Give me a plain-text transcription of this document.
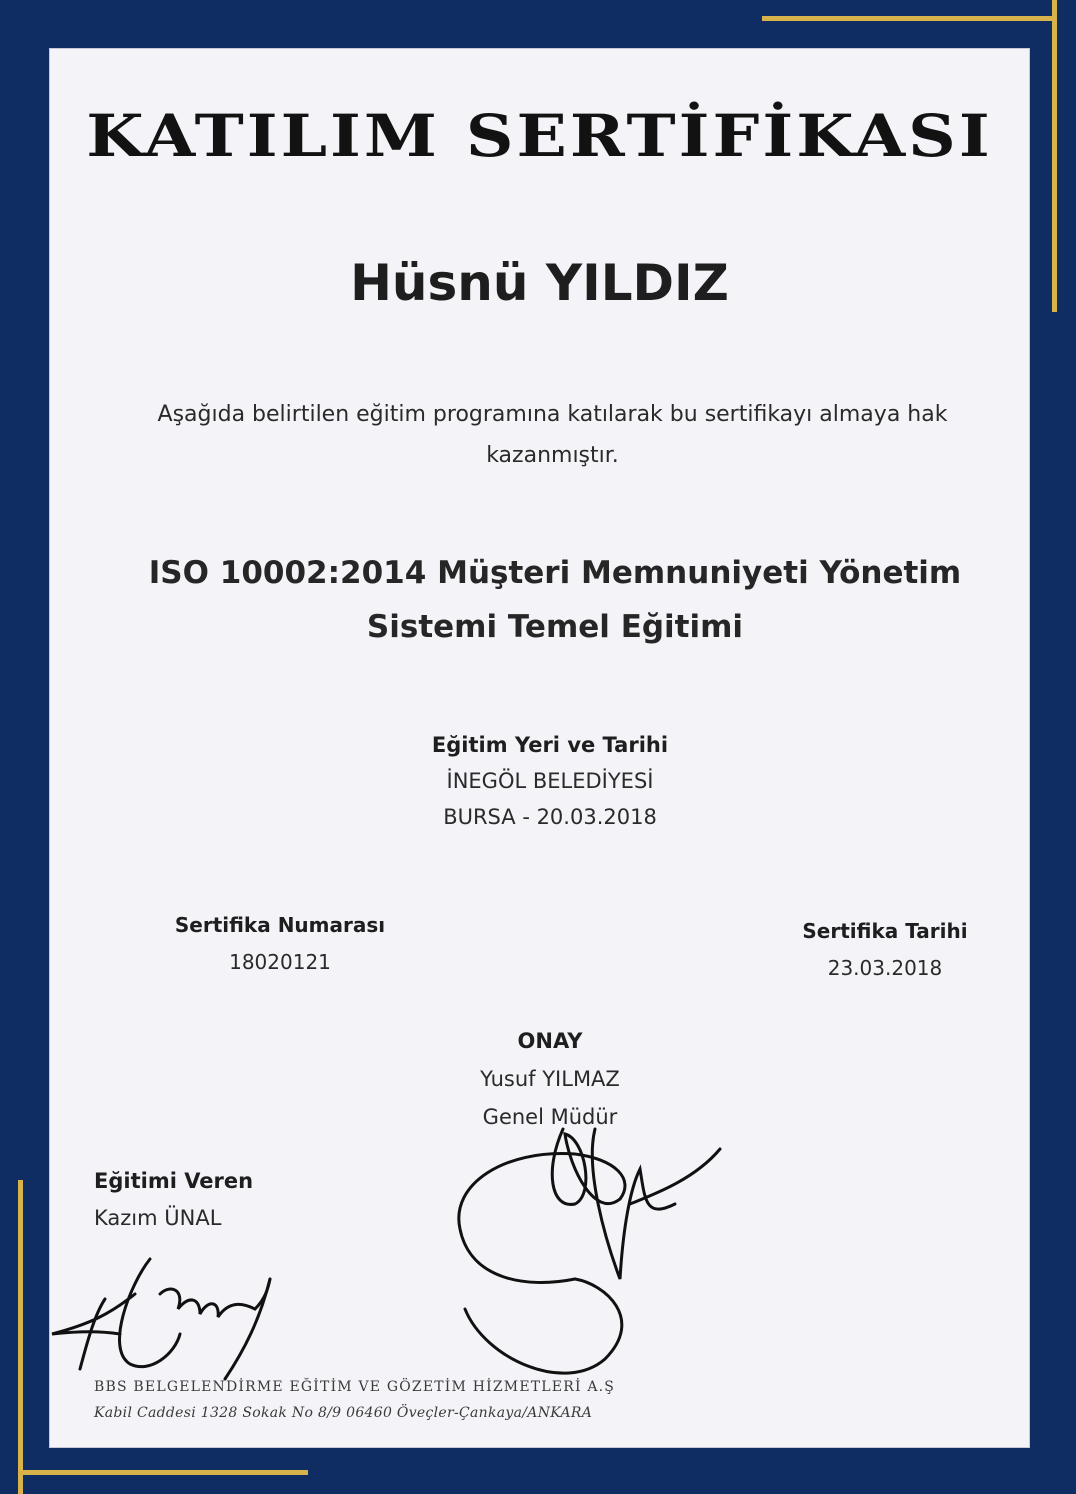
KATILIM SERTİFİKASI
Hüsnü YILDIZ
Aşağıda belirtilen eğitim programına katılarak bu sertifikayı almaya hak
kazanmıştır.
ISO 10002:2014 Müşteri Memnuniyeti Yönetim
Sistemi Temel Eğitimi
Eğitim Yeri ve Tarihi
İNEGÖL BELEDİYESİ
BURSA - 20.03.2018
Sertifika Numarası
18020121
Sertifika Tarihi
23.03.2018
ONAY
Yusuf YILMAZ
Genel Müdür
Eğitimi Veren
Kazım ÜNAL
BBS BELGELENDİRME EĞİTİM VE GÖZETİM HİZMETLERİ A.Ş
Kabil Caddesi 1328 Sokak No 8/9 06460 Öveçler-Çankaya/ANKARA
